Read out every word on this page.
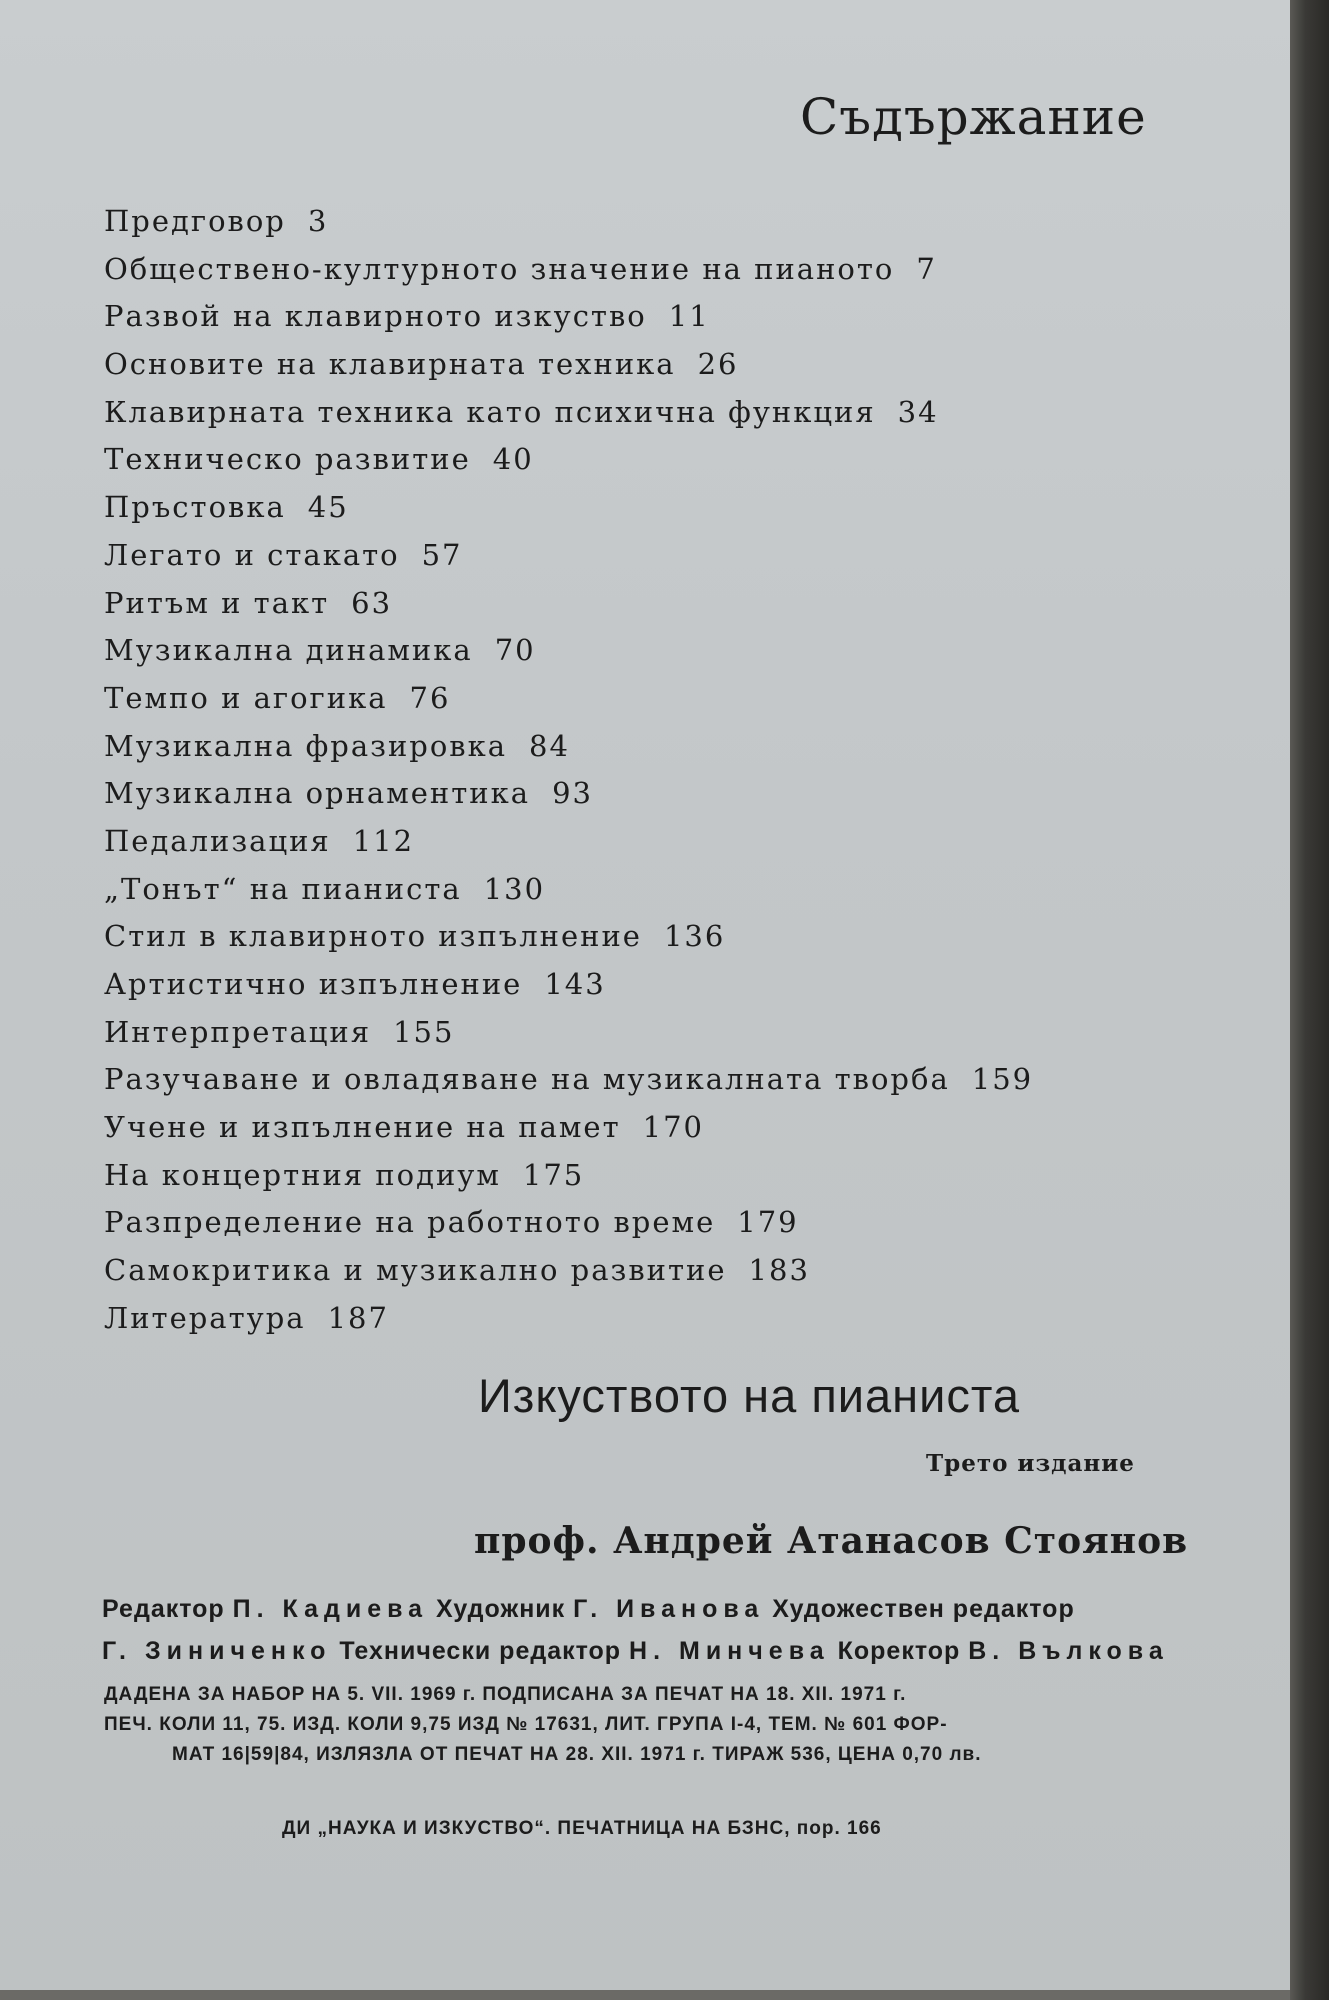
Съдържание
Предговор 3
Обществено-културното значение на пианото 7
Развой на клавирното изкуство 11
Основите на клавирната техника 26
Клавирната техника като психична функция 34
Техническо развитие 40
Пръстовка 45
Легато и стакато 57
Ритъм и такт 63
Музикална динамика 70
Темпо и агогика 76
Музикална фразировка 84
Музикална орнаментика 93
Педализация 112
„Тонът“ на пианиста 130
Стил в клавирното изпълнение 136
Артистично изпълнение 143
Интерпретация 155
Разучаване и овладяване на музикалната творба 159
Учене и изпълнение на памет 170
На концертния подиум 175
Разпределение на работното време 179
Самокритика и музикално развитие 183
Литература 187
Изкуството на пианиста
Трето издание
проф. Андрей Атанасов Стоянов
Редактор П. Кадиева Художник Г. Иванова Художествен редактор
Г. Зиниченко Технически редактор Н. Минчева Коректор В. Вълкова
ДАДЕНА ЗА НАБОР НА 5. VII. 1969 г. ПОДПИСАНА ЗА ПЕЧАТ НА 18. XII. 1971 г.
ПЕЧ. КОЛИ 11, 75. ИЗД. КОЛИ 9,75 ИЗД № 17631, ЛИТ. ГРУПА I-4, ТЕМ. № 601 ФОР-
МАТ 16|59|84, ИЗЛЯЗЛА ОТ ПЕЧАТ НА 28. XII. 1971 г. ТИРАЖ 536, ЦЕНА 0,70 лв.
ДИ „НАУКА И ИЗКУСТВО“. ПЕЧАТНИЦА НА БЗНС, пор. 166
